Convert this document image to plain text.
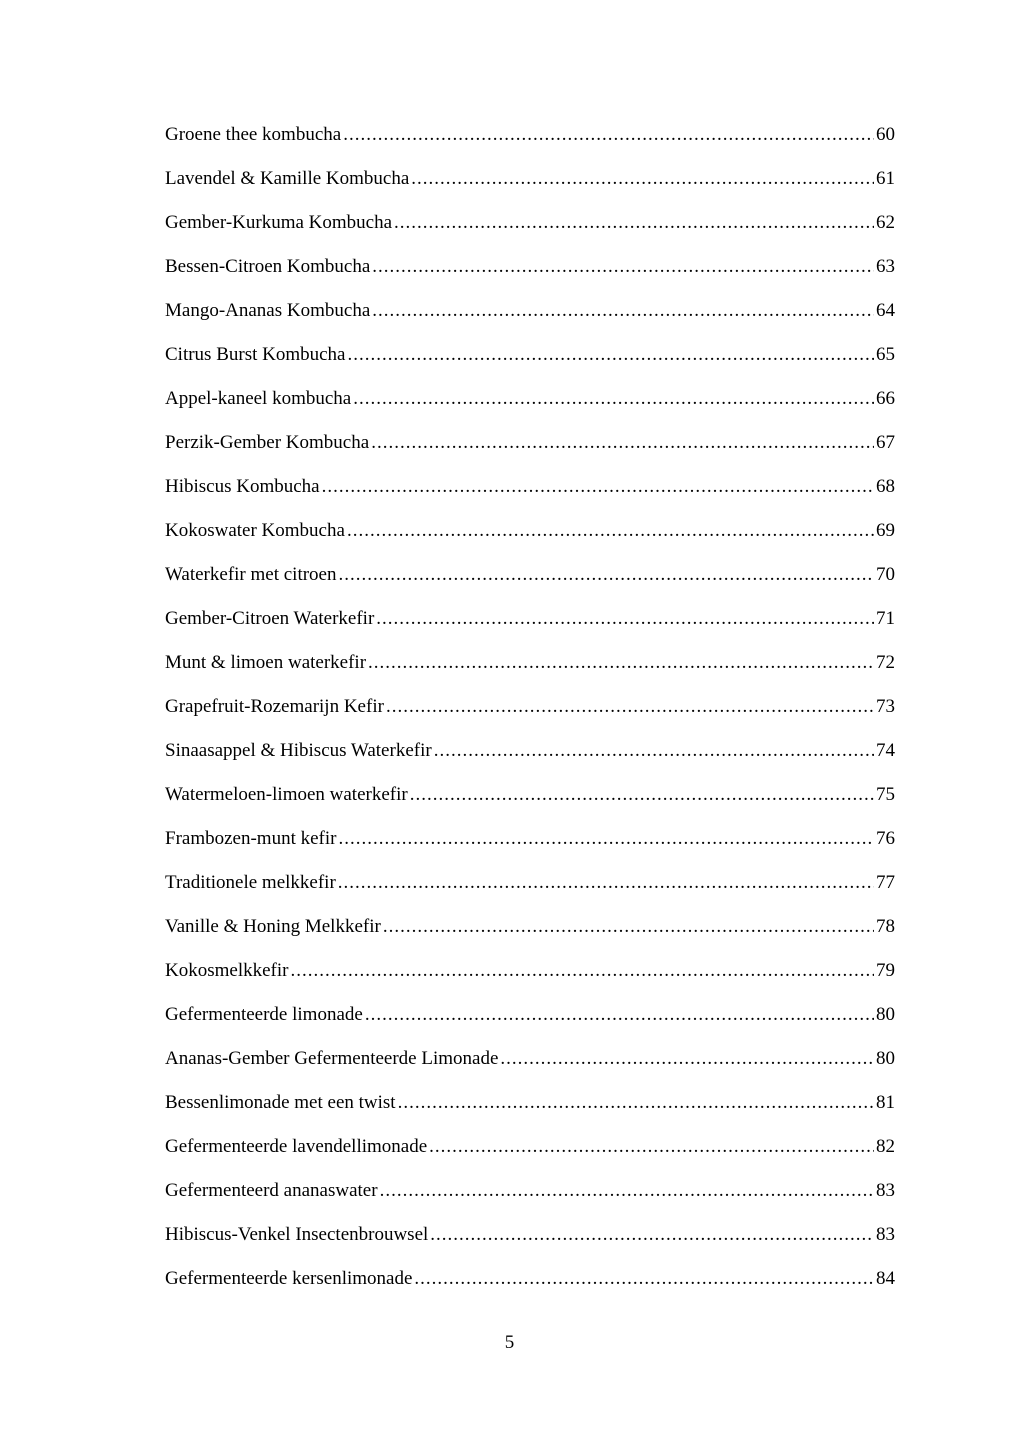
Groene thee kombucha .....	60
Lavendel & Kamille Kombucha .....	61
Gember-Kurkuma Kombucha .....	62
Bessen-Citroen Kombucha .....	63
Mango-Ananas Kombucha .....	64
Citrus Burst Kombucha .....	65
Appel-kaneel kombucha .....	66
Perzik-Gember Kombucha .....	67
Hibiscus Kombucha .....	68
Kokoswater Kombucha .....	69
Waterkefir met citroen .....	70
Gember-Citroen Waterkefir .....	71
Munt & limoen waterkefir .....	72
Grapefruit-Rozemarijn Kefir .....	73
Sinaasappel & Hibiscus Waterkefir .....	74
Watermeloen-limoen waterkefir .....	75
Frambozen-munt kefir .....	76
Traditionele melkkefir .....	77
Vanille & Honing Melkkefir .....	78
Kokosmelkkefir .....	79
Gefermenteerde limonade .....	80
Ananas-Gember Gefermenteerde Limonade .....	80
Bessenlimonade met een twist .....	81
Gefermenteerde lavendellimonade .....	82
Gefermenteerd ananaswater .....	83
Hibiscus-Venkel Insectenbrouwsel .....	83
Gefermenteerde kersenlimonade .....	84
5
